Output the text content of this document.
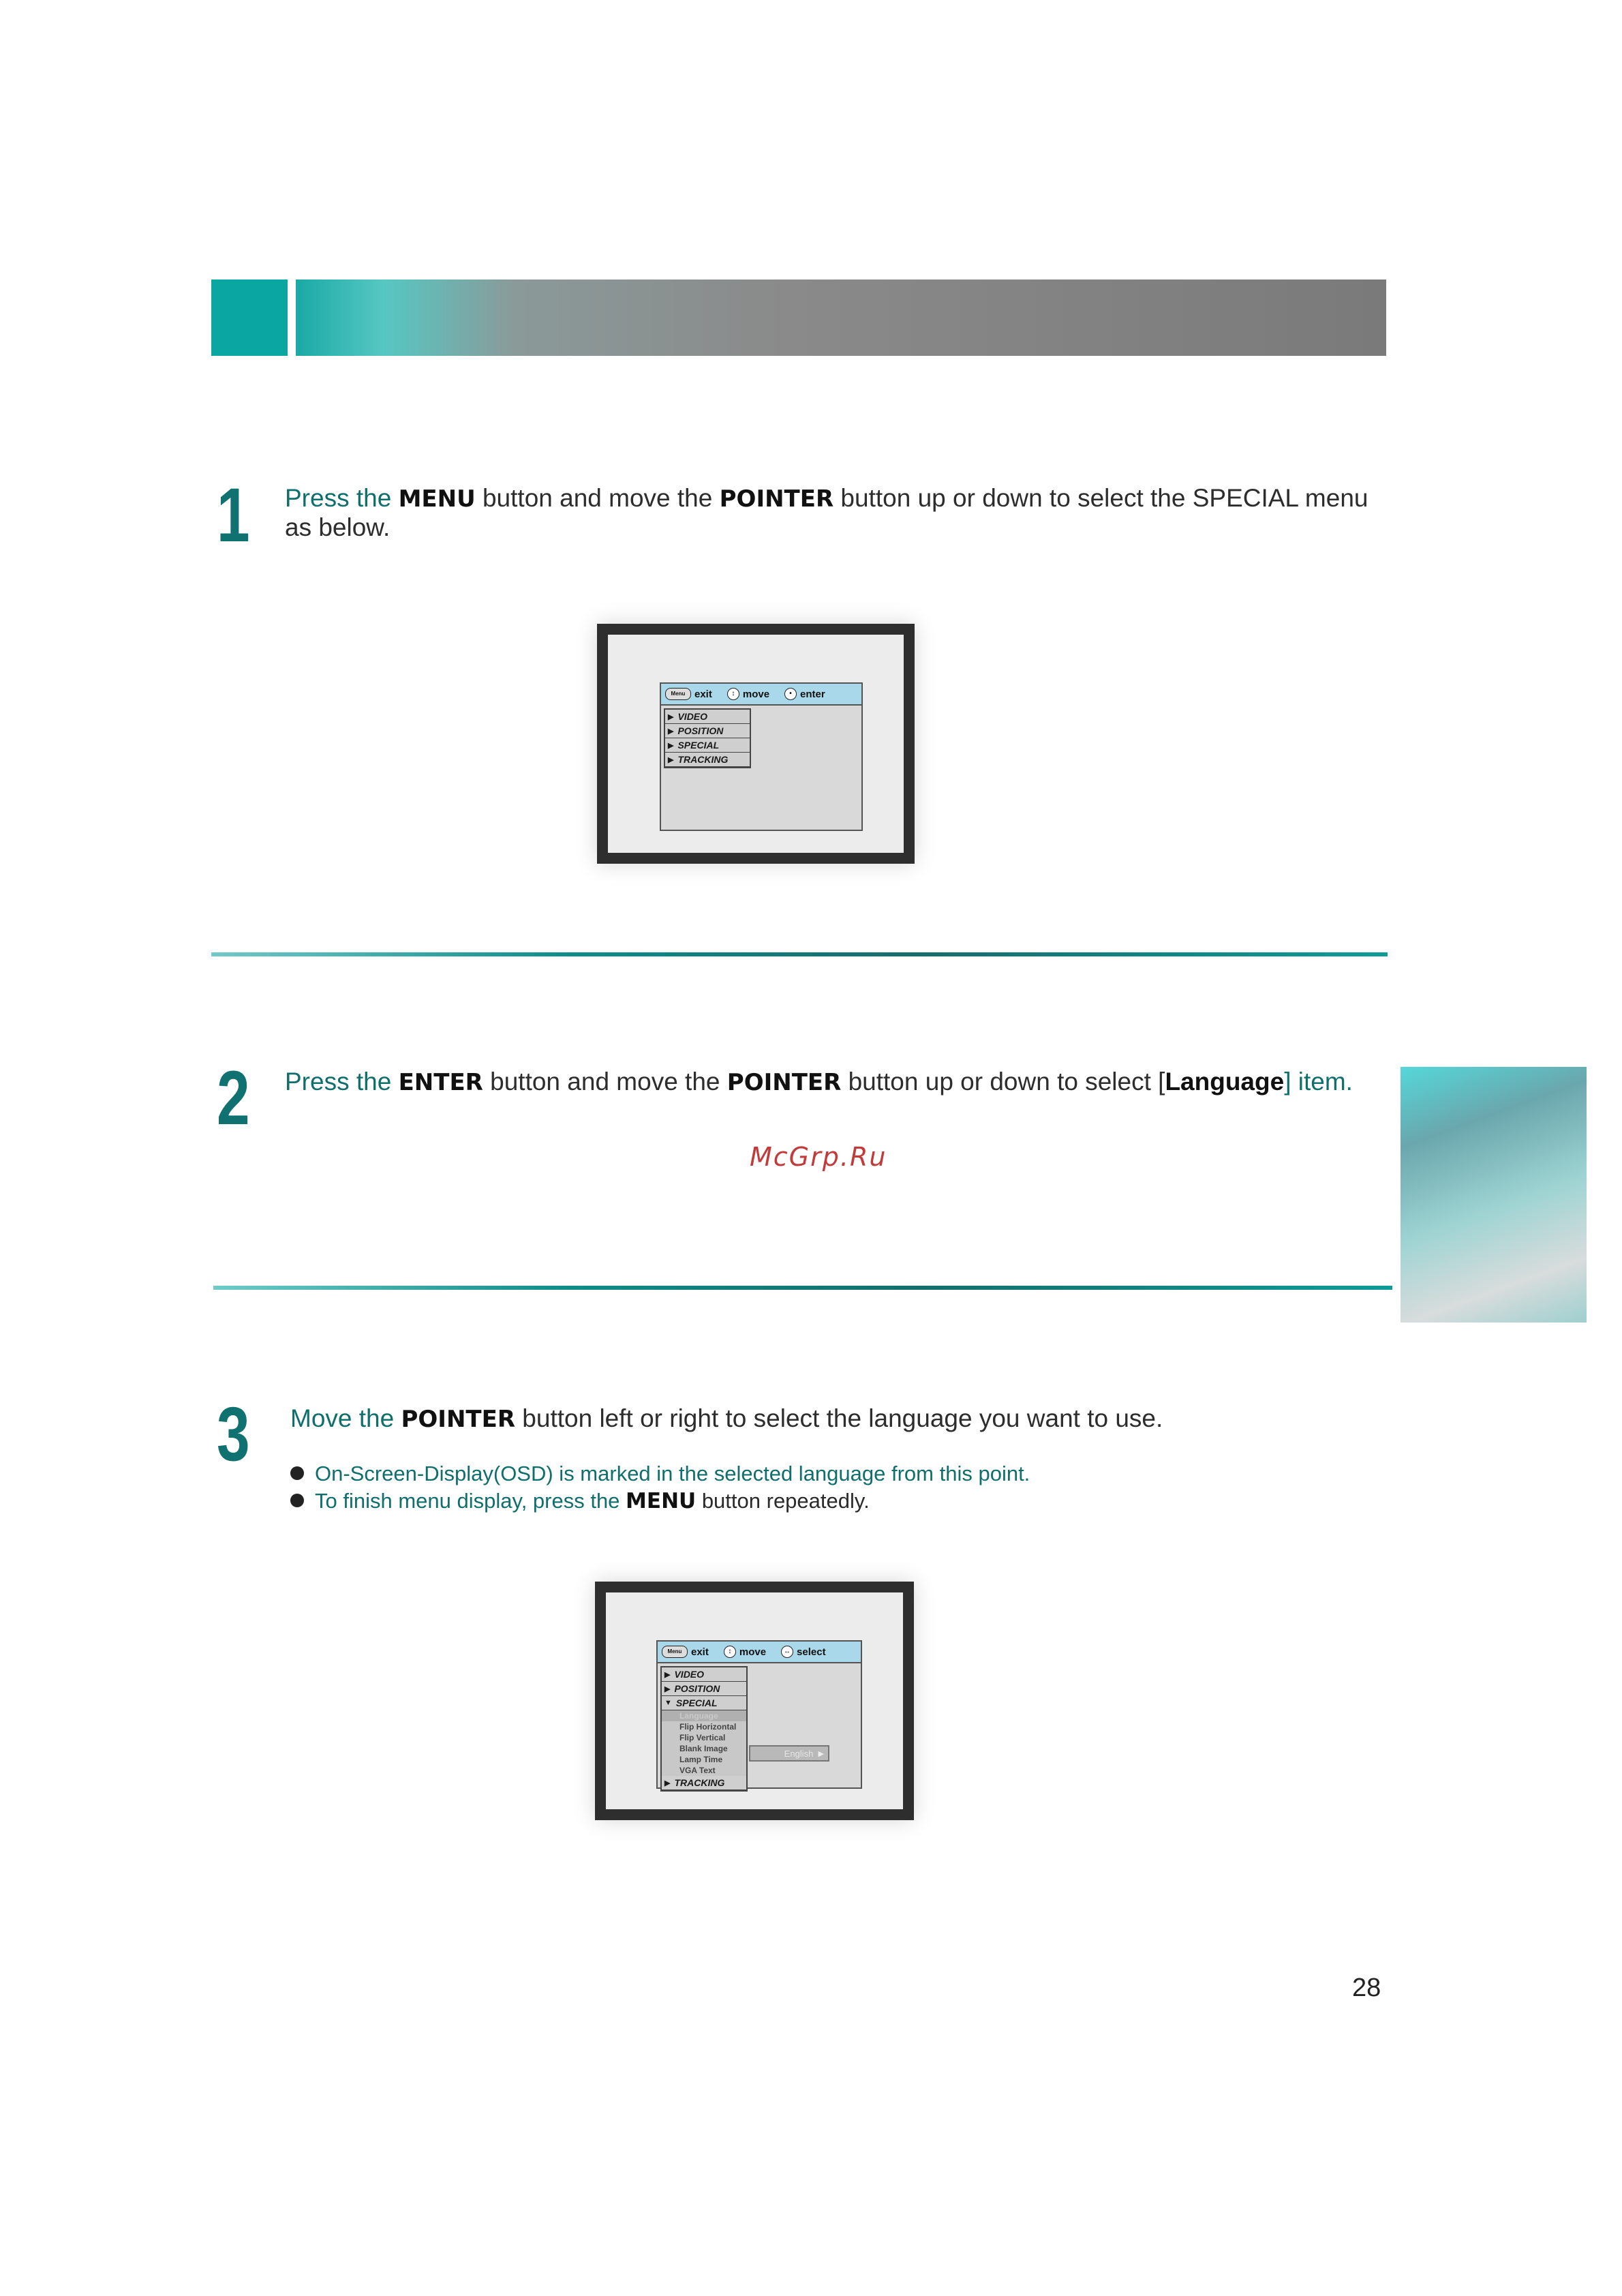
1 Press the MENU button and move the POINTER button up or down to select the SPECIAL menu as below.
Menu exit	↕ move	• enter
▶ VIDEO
▶ POSITION
▶ SPECIAL
▶ TRACKING
2 Press the ENTER button and move the POINTER button up or down to select [Language] item.
McGrp.Ru
3 Move the POINTER button left or right to select the language you want to use.
On-Screen-Display(OSD) is marked in the selected language from this point.
To finish menu display, press the MENU button repeatedly.
Menu exit	↕ move	↔ select
▶ VIDEO
▶ POSITION
▼ SPECIAL
Language
Flip Horizontal
Flip Vertical
Blank Image
Lamp Time
VGA Text
▶ TRACKING
English
▶
28
